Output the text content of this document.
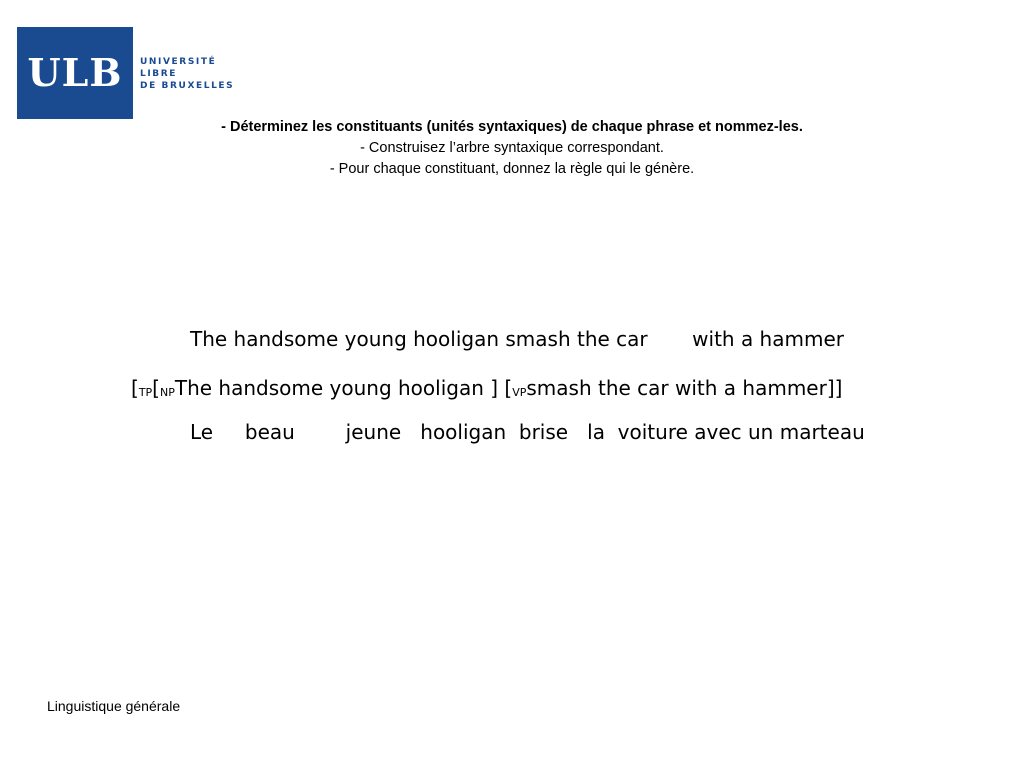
ULB UNIVERSITÉ
LIBRE
DE BRUXELLES
- Déterminez les constituants (unités syntaxiques) de chaque phrase et nommez-les.
- Construisez l’arbre syntaxique correspondant.
- Pour chaque constituant, donnez la règle qui le génère.

The handsome young hooligan smash the car       with a hammer

Le     beau        jeune   hooligan  brise   la  voiture avec un marteau

[TP[NPThe handsome young hooligan ] [VPsmash the car with a hammer]]
Linguistique générale
